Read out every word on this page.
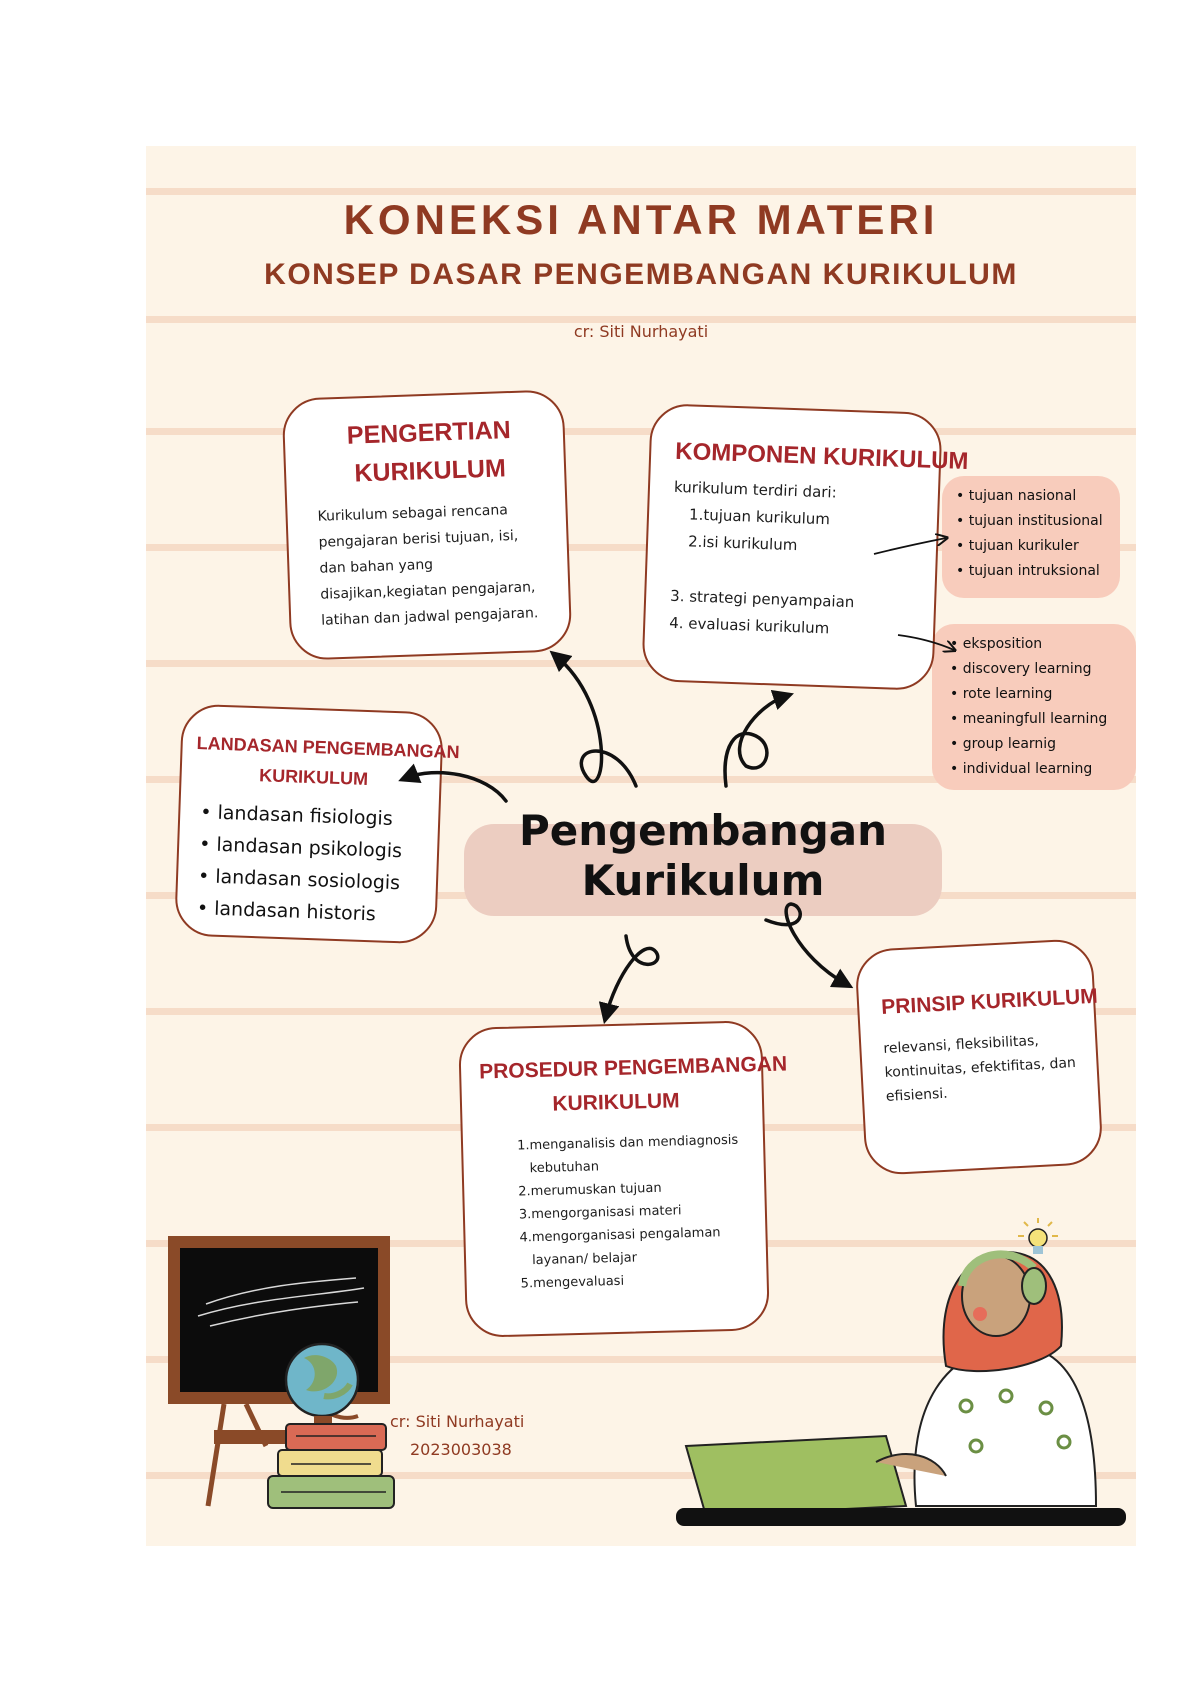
KONEKSI ANTAR MATERI
KONSEP DASAR PENGEMBANGAN KURIKULUM
cr: Siti Nurhayati
• tujuan nasional
• tujuan institusional
• tujuan kurikuler
• tujuan intruksional
• eksposition
• discovery learning
• rote learning
• meaningfull learning
• group learnig
• individual learning
PENGERTIAN
KURIKULUM
Kurikulum sebagai rencana
pengajaran berisi tujuan, isi,
dan bahan yang
disajikan,kegiatan pengajaran,
latihan dan jadwal pengajaran.
KOMPONEN KURIKULUM
kurikulum terdiri dari:
1.tujuan kurikulum
2.isi kurikulum
3. strategi penyampaian
4. evaluasi kurikulum
LANDASAN PENGEMBANGAN
KURIKULUM
• landasan fisiologis
• landasan psikologis
• landasan sosiologis
• landasan historis
Pengembangan
Kurikulum
PRINSIP KURIKULUM
relevansi, fleksibilitas,
kontinuitas, efektifitas, dan
efisiensi.
PROSEDUR PENGEMBANGAN
KURIKULUM
1.menganalisis dan mendiagnosis
kebutuhan
2.merumuskan tujuan
3.mengorganisasi materi
4.mengorganisasi pengalaman
layanan/ belajar
5.mengevaluasi
cr: Siti Nurhayati
2023003038
